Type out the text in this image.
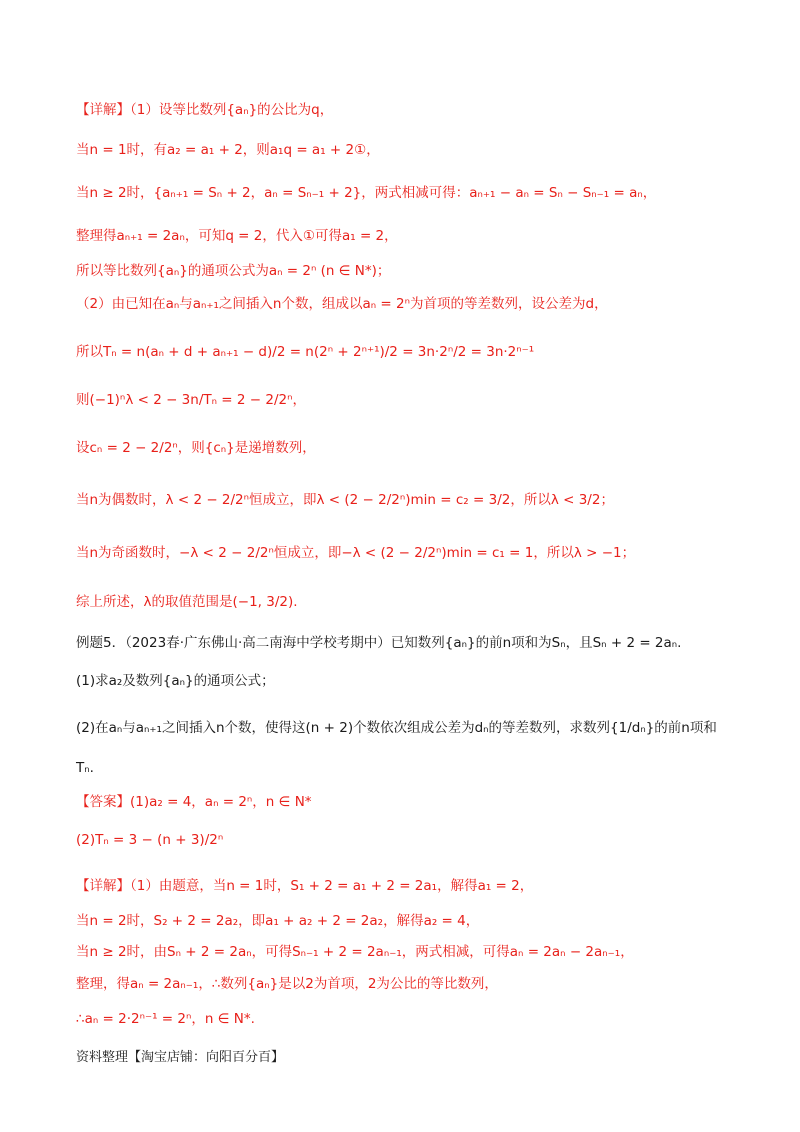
【详解】（1）设等比数列{aₙ}的公比为q，
当n = 1时，有a₂ = a₁ + 2，则a₁q = a₁ + 2①，
当n ≥ 2时，{aₙ₊₁ = Sₙ + 2，aₙ = Sₙ₋₁ + 2}，两式相减可得：aₙ₊₁ − aₙ = Sₙ − Sₙ₋₁ = aₙ，
整理得aₙ₊₁ = 2aₙ，可知q = 2，代入①可得a₁ = 2，
所以等比数列{aₙ}的通项公式为aₙ = 2ⁿ (n ∈ N*)；
（2）由已知在aₙ与aₙ₊₁之间插入n个数，组成以aₙ = 2ⁿ为首项的等差数列，设公差为d，
所以Tₙ = n(aₙ + d + aₙ₊₁ − d)/2 = n(2ⁿ + 2ⁿ⁺¹)/2 = 3n·2ⁿ/2 = 3n·2ⁿ⁻¹
则(−1)ⁿλ < 2 − 3n/Tₙ = 2 − 2/2ⁿ，
设cₙ = 2 − 2/2ⁿ，则{cₙ}是递增数列，
当n为偶数时，λ < 2 − 2/2ⁿ恒成立，即λ < (2 − 2/2ⁿ)min = c₂ = 3/2，所以λ < 3/2；
当n为奇函数时，−λ < 2 − 2/2ⁿ恒成立，即−λ < (2 − 2/2ⁿ)min = c₁ = 1，所以λ > −1；
综上所述，λ的取值范围是(−1, 3/2).
例题5．（2023春·广东佛山·高二南海中学校考期中）已知数列{aₙ}的前n项和为Sₙ，且Sₙ + 2 = 2aₙ.
(1)求a₂及数列{aₙ}的通项公式；
(2)在aₙ与aₙ₊₁之间插入n个数，使得这(n + 2)个数依次组成公差为dₙ的等差数列，求数列{1/dₙ}的前n项和
Tₙ.
【答案】(1)a₂ = 4，aₙ = 2ⁿ，n ∈ N*
(2)Tₙ = 3 − (n + 3)/2ⁿ
【详解】（1）由题意，当n = 1时，S₁ + 2 = a₁ + 2 = 2a₁，解得a₁ = 2，
当n = 2时，S₂ + 2 = 2a₂，即a₁ + a₂ + 2 = 2a₂，解得a₂ = 4，
当n ≥ 2时，由Sₙ + 2 = 2aₙ，可得Sₙ₋₁ + 2 = 2aₙ₋₁，两式相减，可得aₙ = 2aₙ − 2aₙ₋₁，
整理，得aₙ = 2aₙ₋₁，∴数列{aₙ}是以2为首项，2为公比的等比数列，
∴aₙ = 2·2ⁿ⁻¹ = 2ⁿ，n ∈ N*.
资料整理【淘宝店铺：向阳百分百】
